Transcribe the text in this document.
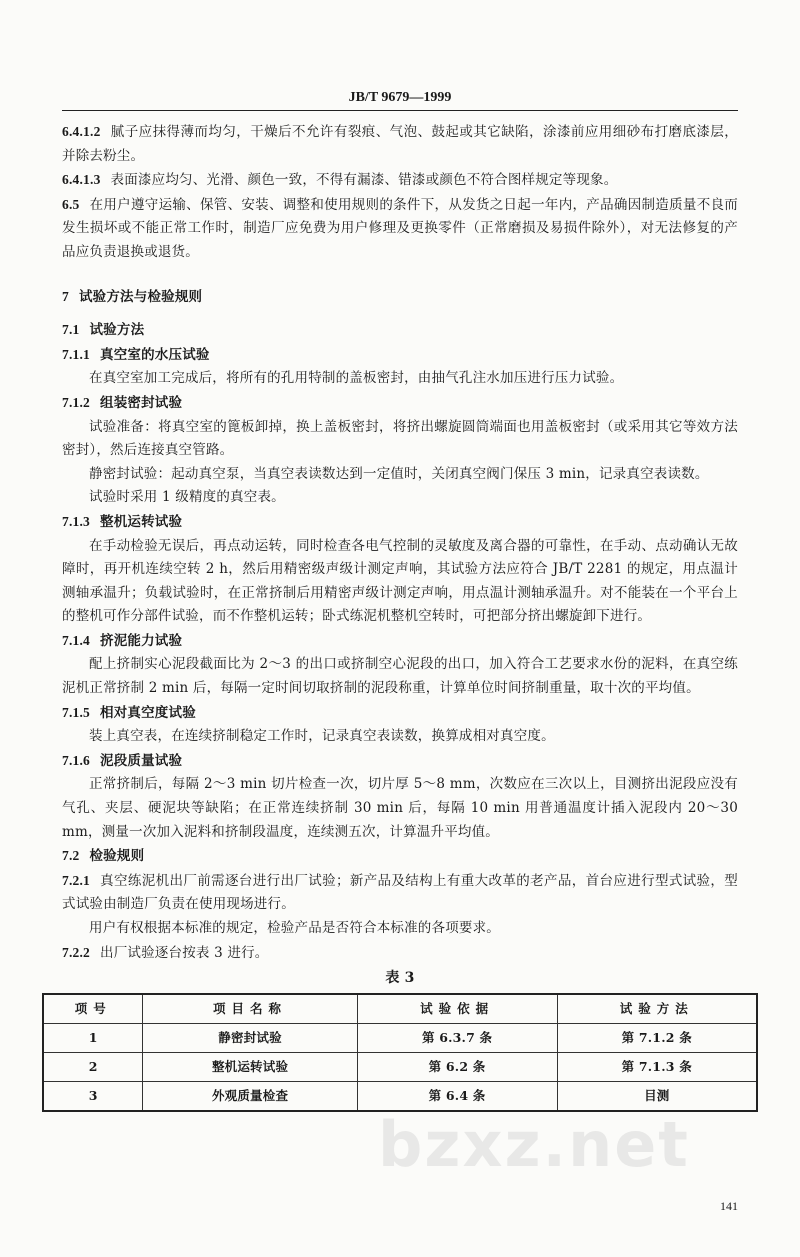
JB/T 9679—1999

6.4.1.2 腻子应抹得薄而均匀，干燥后不允许有裂痕、气泡、鼓起或其它缺陷，涂漆前应用细砂布打磨底漆层，并除去粉尘。

6.4.1.3 表面漆应均匀、光滑、颜色一致，不得有漏漆、错漆或颜色不符合图样规定等现象。

6.5 在用户遵守运输、保管、安装、调整和使用规则的条件下，从发货之日起一年内，产品确因制造质量不良而发生损坏或不能正常工作时，制造厂应免费为用户修理及更换零件（正常磨损及易损件除外），对无法修复的产品应负责退换或退货。

7 试验方法与检验规则

7.1 试验方法

7.1.1 真空室的水压试验

在真空室加工完成后，将所有的孔用特制的盖板密封，由抽气孔注水加压进行压力试验。

7.1.2 组装密封试验

试验准备：将真空室的篦板卸掉，换上盖板密封，将挤出螺旋圆筒端面也用盖板密封（或采用其它等效方法密封），然后连接真空管路。

静密封试验：起动真空泵，当真空表读数达到一定值时，关闭真空阀门保压 3 min，记录真空表读数。

试验时采用 1 级精度的真空表。

7.1.3 整机运转试验

在手动检验无误后，再点动运转，同时检查各电气控制的灵敏度及离合器的可靠性，在手动、点动确认无故障时，再开机连续空转 2 h，然后用精密级声级计测定声响，其试验方法应符合 JB/T 2281 的规定，用点温计测轴承温升；负载试验时，在正常挤制后用精密声级计测定声响，用点温计测轴承温升。对不能装在一个平台上的整机可作分部件试验，而不作整机运转；卧式练泥机整机空转时，可把部分挤出螺旋卸下进行。

7.1.4 挤泥能力试验

配上挤制实心泥段截面比为 2～3 的出口或挤制空心泥段的出口，加入符合工艺要求水份的泥料，在真空练泥机正常挤制 2 min 后，每隔一定时间切取挤制的泥段称重，计算单位时间挤制重量，取十次的平均值。

7.1.5 相对真空度试验

装上真空表，在连续挤制稳定工作时，记录真空表读数，换算成相对真空度。

7.1.6 泥段质量试验

正常挤制后，每隔 2～3 min 切片检查一次，切片厚 5～8 mm，次数应在三次以上，目测挤出泥段应没有气孔、夹层、硬泥块等缺陷；在正常连续挤制 30 min 后，每隔 10 min 用普通温度计插入泥段内 20～30 mm，测量一次加入泥料和挤制段温度，连续测五次，计算温升平均值。

7.2 检验规则

7.2.1 真空练泥机出厂前需逐台进行出厂试验；新产品及结构上有重大改革的老产品，首台应进行型式试验，型式试验由制造厂负责在使用现场进行。

用户有权根据本标准的规定，检验产品是否符合本标准的各项要求。

7.2.2 出厂试验逐台按表 3 进行。

表 3
项号	项目名称	试验依据	试验方法
1	静密封试验	第 6.3.7 条	第 7.1.2 条
2	整机运转试验	第 6.2 条	第 7.1.3 条
3	外观质量检查	第 6.4 条	目测
bzxz.net
141
